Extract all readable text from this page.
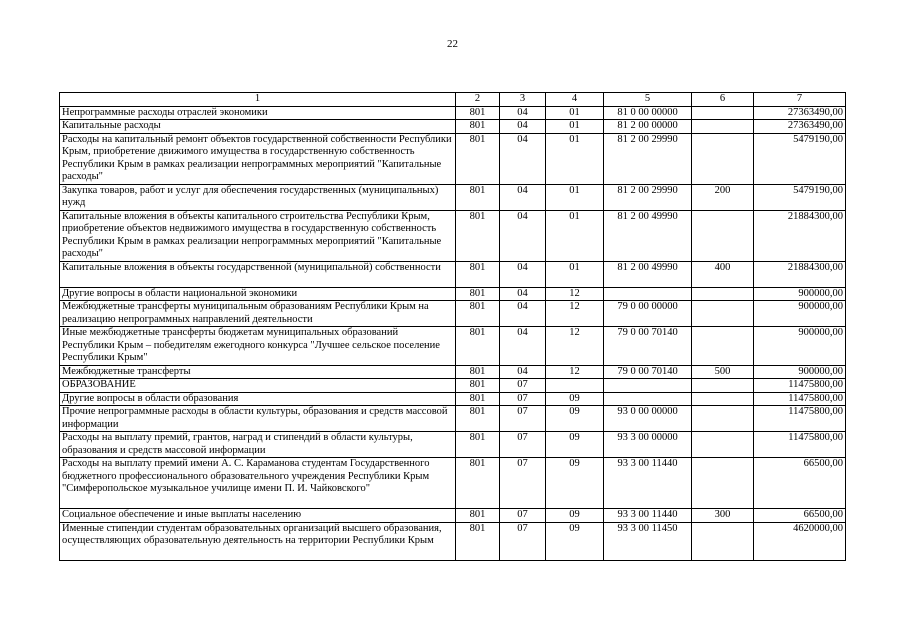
22
1	2	3	4	5	6	7
Непрограммные расходы отраслей экономики	801	04	01	81 0 00 00000		27363490,00
Капитальные расходы	801	04	01	81 2 00 00000		27363490,00
Расходы на капитальный ремонт объектов государственной собственности Республики Крым, приобретение движимого имущества в государственную собственность Республики Крым в рамках реализации непрограммных мероприятий "Капитальные расходы"	801	04	01	81 2 00 29990		5479190,00
Закупка товаров, работ и услуг для обеспечения государственных (муниципальных) нужд	801	04	01	81 2 00 29990	200	5479190,00
Капитальные вложения в объекты капитального строительства Республики Крым, приобретение объектов недвижимого имущества в государственную собственность Республики Крым в рамках реализации непрограммных мероприятий "Капитальные расходы"	801	04	01	81 2 00 49990		21884300,00
Капитальные вложения в объекты государственной (муниципальной) собственности	801	04	01	81 2 00 49990	400	21884300,00
Другие вопросы в области национальной экономики	801	04	12			900000,00
Межбюджетные трансферты муниципальным образованиям Республики Крым на реализацию непрограммных направлений деятельности	801	04	12	79 0 00 00000		900000,00
Иные межбюджетные трансферты бюджетам муниципальных образований Республики Крым – победителям ежегодного конкурса "Лучшее сельское поселение Республики Крым"	801	04	12	79 0 00 70140		900000,00
Межбюджетные трансферты	801	04	12	79 0 00 70140	500	900000,00
ОБРАЗОВАНИЕ	801	07				11475800,00
Другие вопросы в области образования	801	07	09			11475800,00
Прочие непрограммные расходы в области культуры, образования и средств массовой информации	801	07	09	93 0 00 00000		11475800,00
Расходы на выплату премий, грантов, наград и стипендий в области культуры, образования и средств массовой информации	801	07	09	93 3 00 00000		11475800,00
Расходы на выплату премий имени А. С. Караманова студентам Государственного бюджетного профессионального образовательного учреждения Республики Крым "Симферопольское музыкальное училище имени П. И. Чайковского"	801	07	09	93 3 00 11440		66500,00
Социальное обеспечение и иные выплаты населению	801	07	09	93 3 00 11440	300	66500,00
Именные стипендии студентам образовательных организаций высшего образования, осуществляющих образовательную деятельность на территории Республики Крым	801	07	09	93 3 00 11450		4620000,00
